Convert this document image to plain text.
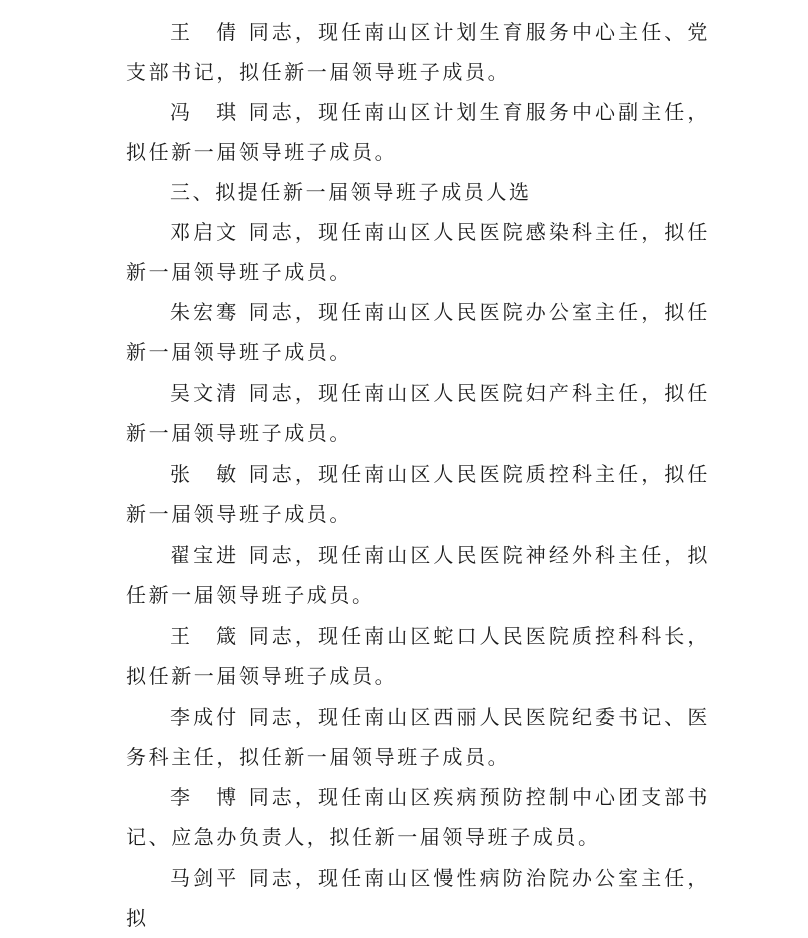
王　倩 同志，现任南山区计划生育服务中心主任、党支部书记，拟任新一届领导班子成员。

冯　琪 同志，现任南山区计划生育服务中心副主任，拟任新一届领导班子成员。

三、拟提任新一届领导班子成员人选

邓启文 同志，现任南山区人民医院感染科主任，拟任新一届领导班子成员。

朱宏骞 同志，现任南山区人民医院办公室主任，拟任新一届领导班子成员。

吴文清 同志，现任南山区人民医院妇产科主任，拟任新一届领导班子成员。

张　敏 同志，现任南山区人民医院质控科主任，拟任新一届领导班子成员。

翟宝进 同志，现任南山区人民医院神经外科主任，拟任新一届领导班子成员。

王　箴 同志，现任南山区蛇口人民医院质控科科长，拟任新一届领导班子成员。

李成付 同志，现任南山区西丽人民医院纪委书记、医务科主任，拟任新一届领导班子成员。

李　博 同志，现任南山区疾病预防控制中心团支部书记、应急办负责人，拟任新一届领导班子成员。

马剑平 同志，现任南山区慢性病防治院办公室主任，拟
